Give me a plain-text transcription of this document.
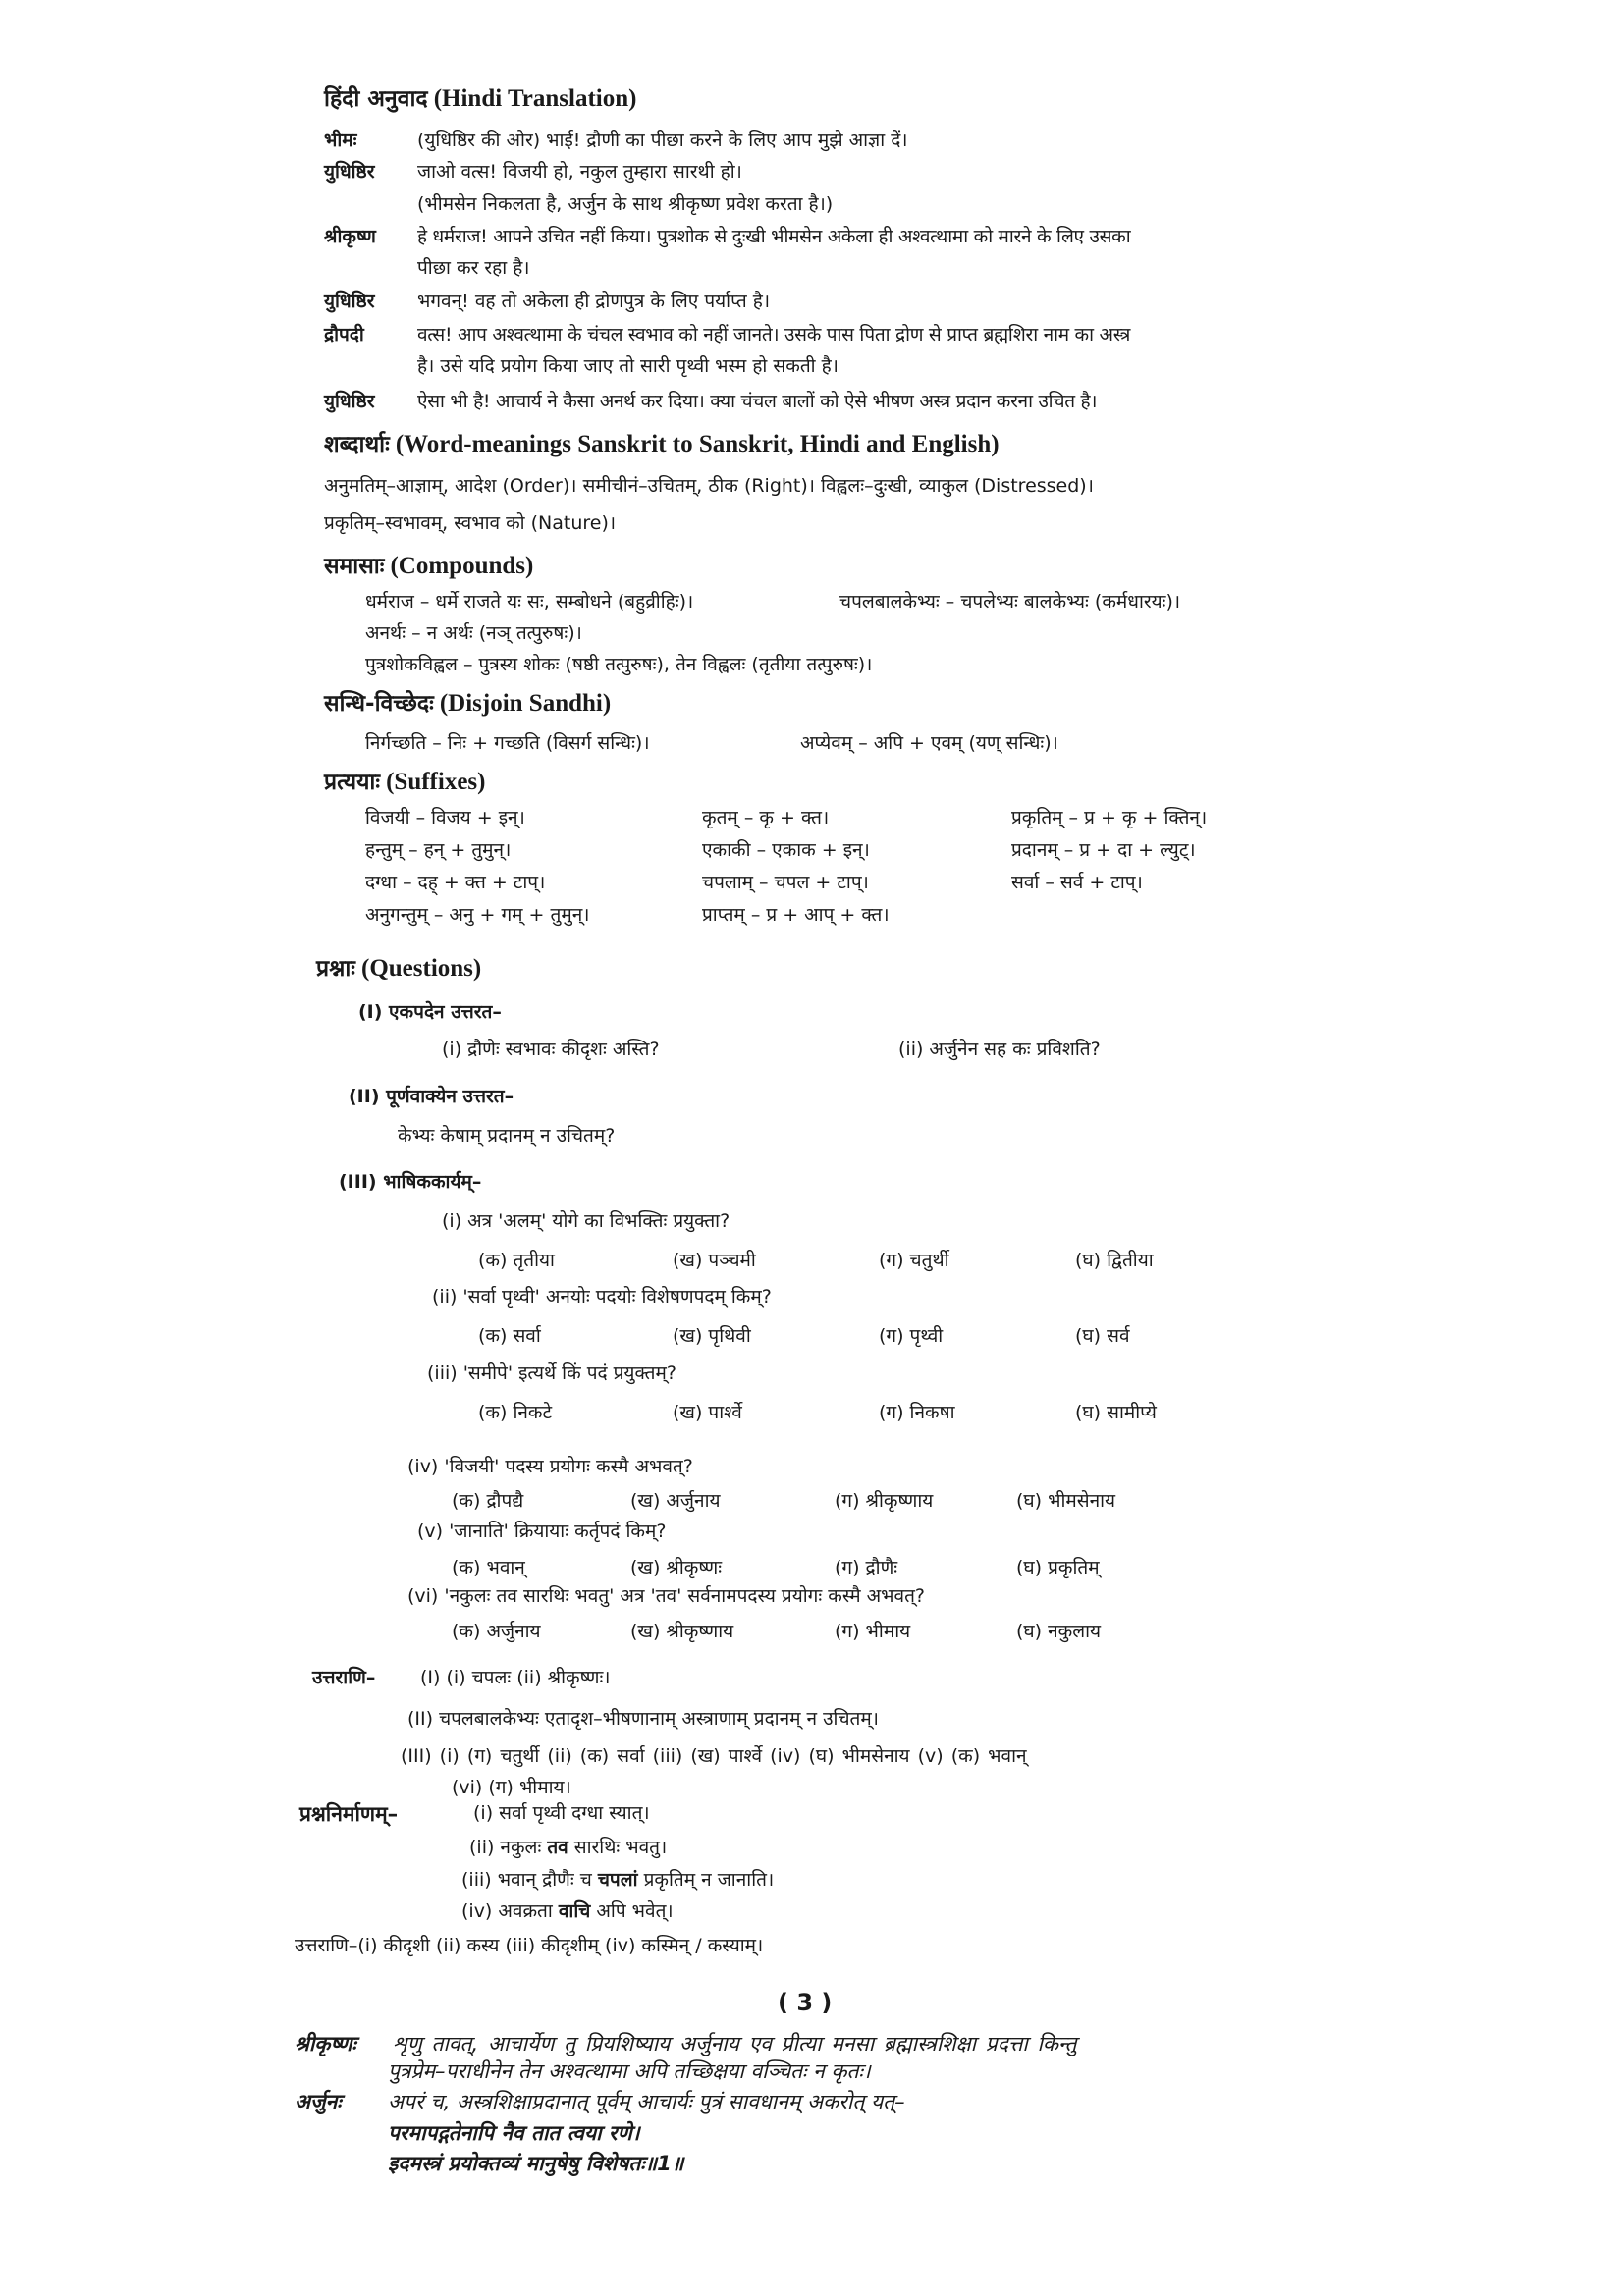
हिंदी अनुवाद (Hindi Translation)
भीमः	(युधिष्ठिर की ओर) भाई! द्रौणी का पीछा करने के लिए आप मुझे आज्ञा दें।
युधिष्ठिर जाओ वत्स! विजयी हो, नकुल तुम्हारा सारथी हो।
(भीमसेन निकलता है, अर्जुन के साथ श्रीकृष्ण प्रवेश करता है।)
श्रीकृष्ण हे धर्मराज! आपने उचित नहीं किया। पुत्रशोक से दुःखी भीमसेन अकेला ही अश्वत्थामा को मारने के लिए उसका
पीछा कर रहा है।
युधिष्ठिर भगवन्! वह तो अकेला ही द्रोणपुत्र के लिए पर्याप्त है।
द्रौपदी	वत्स! आप अश्वत्थामा के चंचल स्वभाव को नहीं जानते। उसके पास पिता द्रोण से प्राप्त ब्रह्मशिरा नाम का अस्त्र
है। उसे यदि प्रयोग किया जाए तो सारी पृथ्वी भस्म हो सकती है।
युधिष्ठिर ऐसा भी है! आचार्य ने कैसा अनर्थ कर दिया। क्या चंचल बालों को ऐसे भीषण अस्त्र प्रदान करना उचित है।
शब्दार्थाः (Word-meanings Sanskrit to Sanskrit, Hindi and English)
अनुमतिम्–आज्ञाम्, आदेश (Order)। समीचीनं–उचितम्, ठीक (Right)। विह्वलः–दुःखी, व्याकुल (Distressed)।
प्रकृतिम्–स्वभावम्, स्वभाव को (Nature)।
समासाः (Compounds)
धर्मराज – धर्मे राजते यः सः, सम्बोधने (बहुव्रीहिः)।	चपलबालकेभ्यः – चपलेभ्यः बालकेभ्यः (कर्मधारयः)।
अनर्थः – न अर्थः (नञ् तत्पुरुषः)।
पुत्रशोकविह्वल – पुत्रस्य शोकः (षष्ठी तत्पुरुषः), तेन विह्वलः (तृतीया तत्पुरुषः)।
सन्धि-विच्छेदः (Disjoin Sandhi)
निर्गच्छति – निः + गच्छति (विसर्ग सन्धिः)।	अप्येवम् – अपि + एवम् (यण् सन्धिः)।
प्रत्ययाः (Suffixes)
विजयी – विजय + इन्।	कृतम् – कृ + क्त।	प्रकृतिम् – प्र + कृ + क्तिन्।
हन्तुम् – हन् + तुमुन्।	एकाकी – एकाक + इन्।	प्रदानम् – प्र + दा + ल्युट्।
दग्धा – दह् + क्त + टाप्।	चपलाम् – चपल + टाप्।	सर्वा – सर्व + टाप्।
अनुगन्तुम् – अनु + गम् + तुमुन्।	प्राप्तम् – प्र + आप् + क्त।
प्रश्नाः (Questions)
(I) एकपदेन उत्तरत–
(i) द्रौणेः स्वभावः कीदृशः अस्ति?	(ii) अर्जुनेन सह कः प्रविशति?
(II) पूर्णवाक्येन उत्तरत–
केभ्यः केषाम् प्रदानम् न उचितम्?
(III) भाषिककार्यम्–
(i) अत्र 'अलम्' योगे का विभक्तिः प्रयुक्ता?
(क) तृतीया	(ख) पञ्चमी	(ग) चतुर्थी	(घ) द्वितीया
(ii) 'सर्वा पृथ्वी' अनयोः पदयोः विशेषणपदम् किम्?
(क) सर्वा	(ख) पृथिवी	(ग) पृथ्वी	(घ) सर्व
(iii) 'समीपे' इत्यर्थे किं पदं प्रयुक्तम्?
(क) निकटे	(ख) पार्श्वे	(ग) निकषा	(घ) सामीप्ये
(iv) 'विजयी' पदस्य प्रयोगः कस्मै अभवत्?
(क) द्रौपद्यै	(ख) अर्जुनाय	(ग) श्रीकृष्णाय	(घ) भीमसेनाय
(v) 'जानाति' क्रियायाः कर्तृपदं किम्?
(क) भवान्	(ख) श्रीकृष्णः	(ग) द्रौणैः	(घ) प्रकृतिम्
(vi) 'नकुलः तव सारथिः भवतु' अत्र 'तव' सर्वनामपदस्य प्रयोगः कस्मै अभवत्?
(क) अर्जुनाय	(ख) श्रीकृष्णाय	(ग) भीमाय	(घ) नकुलाय
उत्तराणि– (I) (i) चपलः (ii) श्रीकृष्णः।
(II) चपलबालकेभ्यः एतादृश–भीषणानाम् अस्त्राणाम् प्रदानम् न उचितम्।
(III) (i) (ग) चतुर्थी (ii) (क) सर्वा (iii) (ख) पार्श्वे (iv) (घ) भीमसेनाय (v) (क) भवान्
(vi) (ग) भीमाय।
प्रश्ननिर्माणम्–	(i) सर्वा पृथ्वी दग्धा स्यात्।
(ii) नकुलः तव सारथिः भवतु।
(iii) भवान् द्रौणैः च चपलां प्रकृतिम् न जानाति।
(iv) अवक्रता वाचि अपि भवेत्।
उत्तराणि–(i) कीदृशी (ii) कस्य (iii) कीदृशीम् (iv) कस्मिन् / कस्याम्।
( 3 )
श्रीकृष्णः शृणु तावत्, आचार्येण तु प्रियशिष्याय अर्जुनाय एव प्रीत्या मनसा ब्रह्मास्त्रशिक्षा प्रदत्ता किन्तु
पुत्रप्रेम–पराधीनेन तेन अश्वत्थामा अपि तच्छिक्षया वञ्चितः न कृतः।
अर्जुनः अपरं च, अस्त्रशिक्षाप्रदानात् पूर्वम् आचार्यः पुत्रं सावधानम् अकरोत् यत्–
परमापद्गतेनापि नैव तात त्वया रणे।
इदमस्त्रं प्रयोक्तव्यं मानुषेषु विशेषतः॥1॥
